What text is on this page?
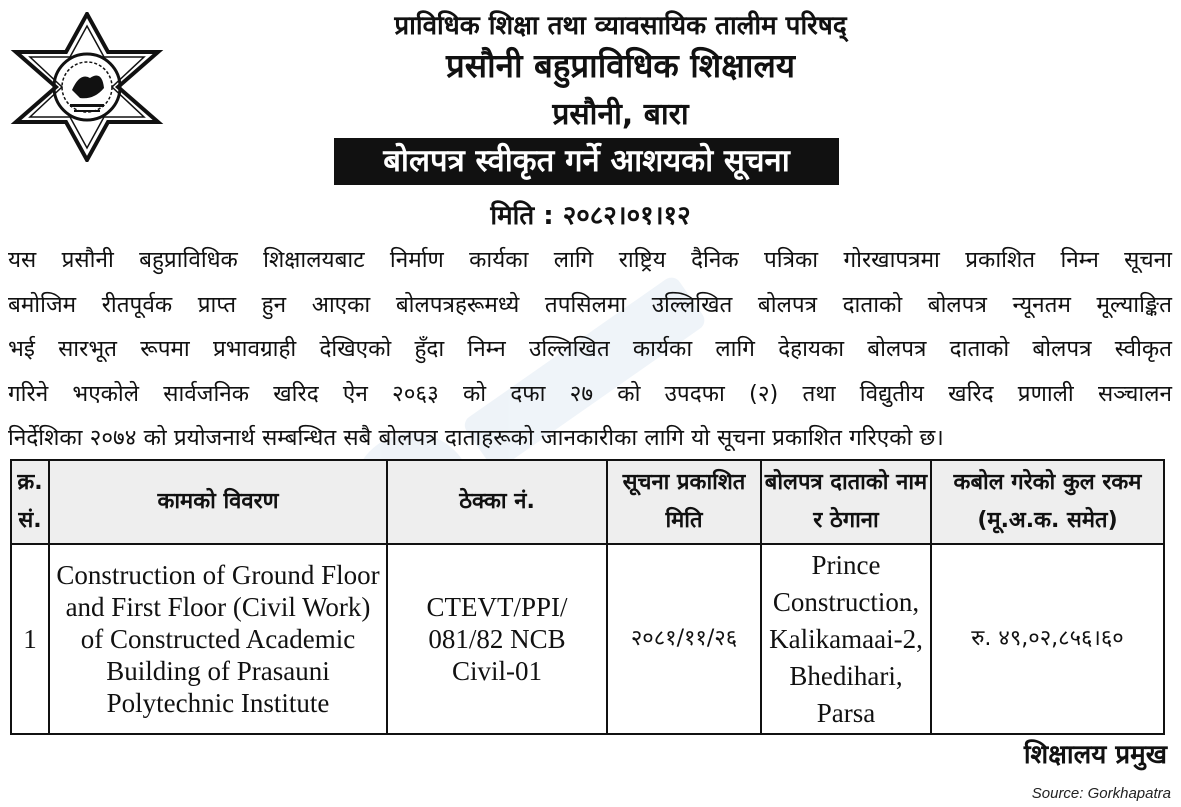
प्राविधिक शिक्षा तथा व्यावसायिक तालीम परिषद्
प्रसौनी बहुप्राविधिक शिक्षालय
प्रसौनी, बारा
बोलपत्र स्वीकृत गर्ने आशयको सूचना
मिति : २०८२।०१।१२
यस प्रसौनी बहुप्राविधिक शिक्षालयबाट निर्माण कार्यका लागि राष्ट्रिय दैनिक पत्रिका गोरखापत्रमा प्रकाशित निम्न सूचना
बमोजिम रीतपूर्वक प्राप्त हुन आएका बोलपत्रहरूमध्ये तपसिलमा उल्लिखित बोलपत्र दाताको बोलपत्र न्यूनतम मूल्याङ्कित
भई सारभूत रूपमा प्रभावग्राही देखिएको हुँदा निम्न उल्लिखित कार्यका लागि देहायका बोलपत्र दाताको बोलपत्र स्वीकृत
गरिने भएकोले सार्वजनिक खरिद ऐन २०६३ को दफा २७ को उपदफा (२) तथा विद्युतीय खरिद प्रणाली सञ्चालन
निर्देशिका २०७४ को प्रयोजनार्थ सम्बन्धित सबै बोलपत्र दाताहरूको जानकारीका लागि यो सूचना प्रकाशित गरिएको छ।
क्र. सं.	कामको विवरण	ठेक्का नं.	सूचना प्रकाशित मिति	बोलपत्र दाताको नाम र ठेगाना	कबोल गरेको कुल रकम (मू.अ.क. समेत)
1	Construction of Ground Floor and First Floor (Civil Work) of Constructed Academic Building of Prasauni Polytechnic Institute	CTEVT/PPI/ 081/82 NCB Civil-01	२०८१/११/२६	Prince Construction, Kalikamaai-2, Bhedihari, Parsa	रु. ४९,०२,८५६।६०
शिक्षालय प्रमुख
Source: Gorkhapatra
